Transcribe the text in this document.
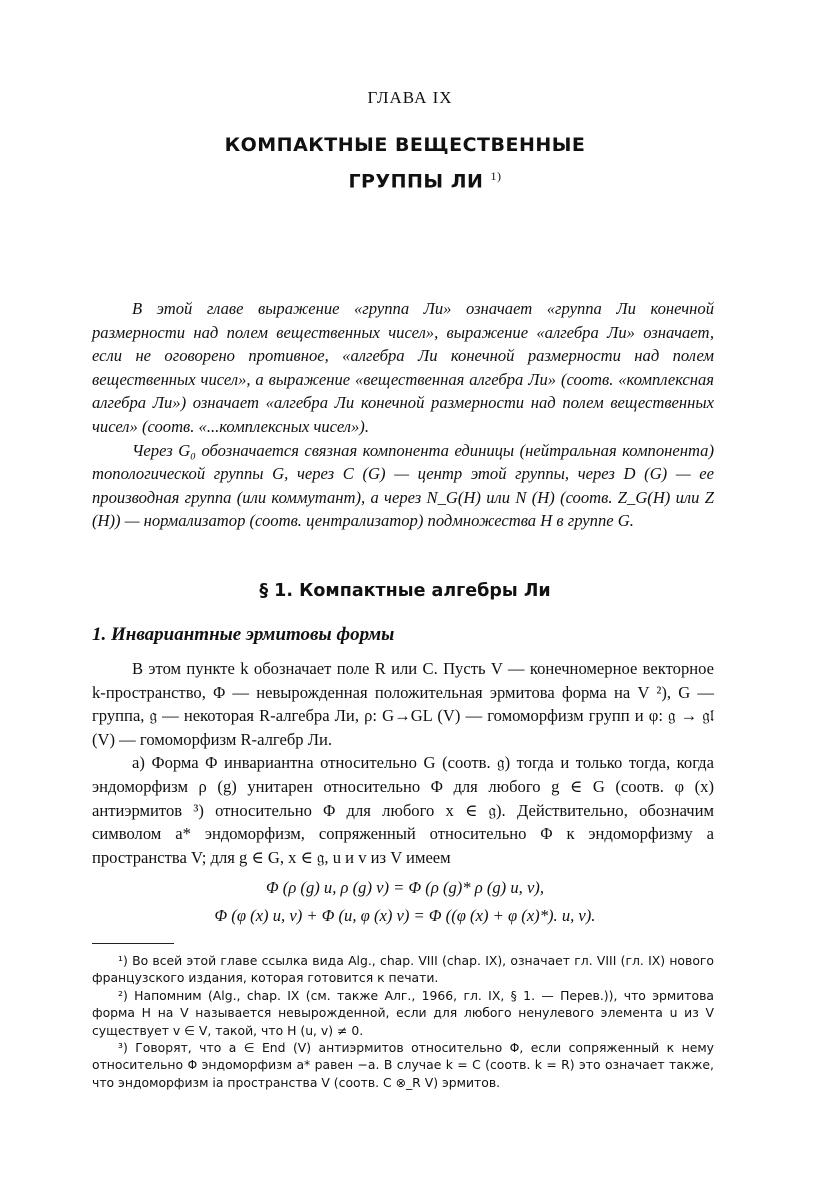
ГЛАВА IX
КОМПАКТНЫЕ ВЕЩЕСТВЕННЫЕ
ГРУППЫ ЛИ $^{1)}$

В этой главе выражение «группа Ли» означает «группа Ли конечной размерности над полем вещественных чисел», выражение «алгебра Ли» означает, если не оговорено противное, «алгебра Ли конечной размерности над полем вещественных чисел», а выражение «вещественная алгебра Ли» (соотв. «комплексная алгебра Ли») означает «алгебра Ли конечной размерности над полем вещественных чисел» (соотв. «...комплексных чисел»).

Через G₀ обозначается связная компонента единицы (нейтральная компонента) топологической группы G, через C (G) — центр этой группы, через D (G) — ее производная группа (или коммутант), а через N_G(H) или N (H) (соотв. Z_G(H) или Z (H)) — нормализатор (соотв. централизатор) подмножества H в группе G.

§ 1. Компактные алгебры Ли
1. Инвариантные эрмитовы формы

В этом пункте k обозначает поле R или C. Пусть V — конечномерное векторное k-пространство, Φ — невырожденная положительная эрмитова форма на V ²), G — группа, 𝔤 — некоторая R-алгебра Ли, ρ: G→GL (V) — гомоморфизм групп и φ: 𝔤 → 𝔤𝔩 (V) — гомоморфизм R-алгебр Ли.

а) Форма Φ инвариантна относительно G (соотв. 𝔤) тогда и только тогда, когда эндоморфизм ρ (g) унитарен относительно Φ для любого g ∈ G (соотв. φ (x) антиэрмитов ³) относительно Φ для любого x ∈ 𝔤). Действительно, обозначим символом a* эндоморфизм, сопряженный относительно Φ к эндоморфизму a пространства V; для g ∈ G, x ∈ 𝔤, u и v из V имеем

Φ (ρ (g) u, ρ (g) v) = Φ (ρ (g)* ρ (g) u, v),
Φ (φ (x) u, v) + Φ (u, φ (x) v) = Φ ((φ (x) + φ (x)*). u, v).

¹) Во всей этой главе ссылка вида Alg., chap. VIII (chap. IX), означает гл. VIII (гл. IX) нового французского издания, которая готовится к печати.

²) Напомним (Alg., chap. IX (см. также Алг., 1966, гл. IX, § 1. — Перев.)), что эрмитова форма H на V называется невырожденной, если для любого ненулевого элемента u из V существует v ∈ V, такой, что H (u, v) ≠ 0.

³) Говорят, что a ∈ End (V) антиэрмитов относительно Φ, если сопряженный к нему относительно Φ эндоморфизм a* равен −a. В случае k = C (соотв. k = R) это означает также, что эндоморфизм ia пространства V (соотв. C ⊗_R V) эрмитов.
